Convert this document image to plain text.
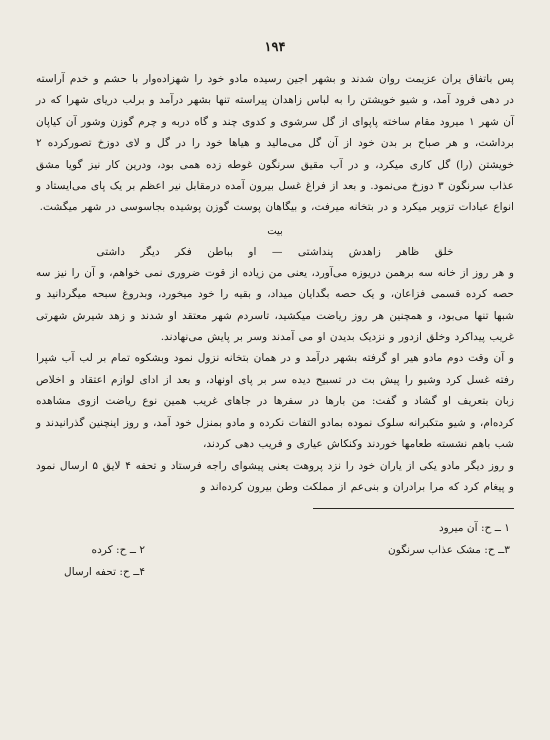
۱۹۴

پس باتفاق یران عزیمت روان شدند و بشهر اجین رسیده مادو خود را شهزاده‌وار با حشم و خدم آراسته در دهی فرود آمد، و شیو خویشتن را به لباس زاهدان پیراسته تنها بشهر درآمد و برلب دریای شهرا که در آن شهر ۱ میرود مقام ساخته پاپوای از گل سرشوی و کدوی چند و گاه دربه و چرم گوزن وشور آن کیاپان برداشت، و هر صباح بر بدن خود از آن گل می‌مالید و هیاها خود را در گل و لای دوزخ تصورکرده ۲ خویشتن (را) گل کاری میکرد، و در آب مقیق سرنگون غوطه زده همی بود، ودرین کار نیز گویا مشق عذاب سرنگون ۳ دوزخ می‌نمود. و بعد از فراغ غسل بیرون آمده درمقابل نیر اعظم بر یک پای می‌ایستاد و انواع عبادات تزویر میکرد و در بتخانه میرفت، و بیگاهان پوست گوزن پوشیده بجاسوسی در شهر میگشت.

بیت
خلق ظاهر زاهدش پنداشتی — او بباطن فکر دیگر داشتی

و هر روز از خانه سه برهمن دریوزه می‌آورد، یعنی من زیاده از قوت ضروری نمی خواهم، و آن را نیز سه حصه کرده قسمی فزاعان، و یک حصه بگدایان میداد، و بقیه را خود میخورد، وبدروغ سبحه میگردانید و شبها تنها می‌بود، و همچنین هر روز ریاضت میکشید، تاسردم شهر معتقد او شدند و زهد شیرش شهرتی غریب پیداکرد وخلق ازدور و نزدیک بدیدن او می آمدند وسر بر پایش می‌نهادند.

و آن وقت دوم مادو هیر او گرفته بشهر درآمد و در همان بتخانه نزول نمود وبشکوه تمام بر لب آب شپرا رفته غسل کرد وشیو را پیش بت در تسبیح دیده سر بر پای اونهاد، و بعد از ادای لوازم اعتقاد و اخلاص زبان بتعریف او گشاد و گفت: من بارها در سفرها در جاهای غریب همین نوع ریاضت ازوی مشاهده کرده‌ام، و شیو متکبرانه سلوک نموده بمادو التفات نکرده و مادو بمنزل خود آمد، و روز اینچنین گذرانیدند و شب باهم نشسته طعامها خوردند وکنکاش عیاری و فریب دهی کردند،

و روز دیگر مادو یکی از یاران خود را نزد پروهت یعنی پیشوای راجه فرستاد و تحفه ۴ لایق ۵ ارسال نمود و پیغام کرد که مرا برادران و بنی‌عم از مملکت وطن بیرون کرده‌اند و

۱ ــ ح: آن میرود
۳ــ ح: مشک عذاب سرنگون
۲ ــ ح: کرده
۴ــ ح: تحفه ارسال
